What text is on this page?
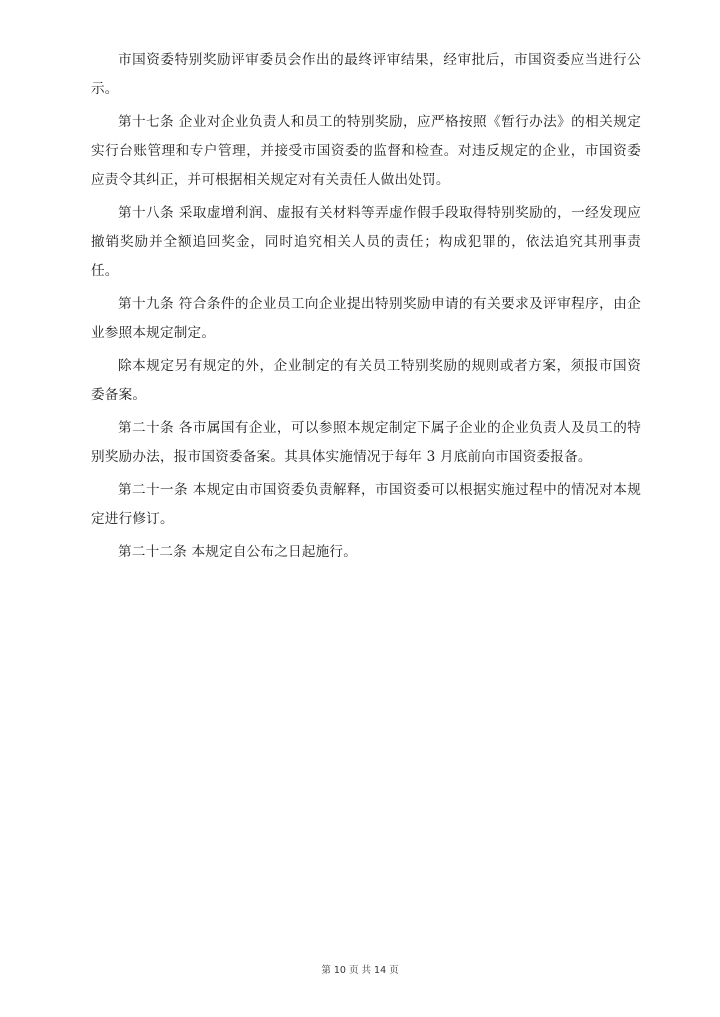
市国资委特别奖励评审委员会作出的最终评审结果，经审批后，市国资委应当进行公示。

第十七条 企业对企业负责人和员工的特别奖励，应严格按照《暂行办法》的相关规定实行台账管理和专户管理，并接受市国资委的监督和检查。对违反规定的企业，市国资委应责令其纠正，并可根据相关规定对有关责任人做出处罚。

第十八条 采取虚增利润、虚报有关材料等弄虚作假手段取得特别奖励的，一经发现应撤销奖励并全额追回奖金，同时追究相关人员的责任；构成犯罪的，依法追究其刑事责任。

第十九条 符合条件的企业员工向企业提出特别奖励申请的有关要求及评审程序，由企业参照本规定制定。

除本规定另有规定的外，企业制定的有关员工特别奖励的规则或者方案，须报市国资委备案。

第二十条 各市属国有企业，可以参照本规定制定下属子企业的企业负责人及员工的特别奖励办法，报市国资委备案。其具体实施情况于每年 3 月底前向市国资委报备。

第二十一条 本规定由市国资委负责解释，市国资委可以根据实施过程中的情况对本规定进行修订。

第二十二条 本规定自公布之日起施行。

第 10 页 共 14 页
